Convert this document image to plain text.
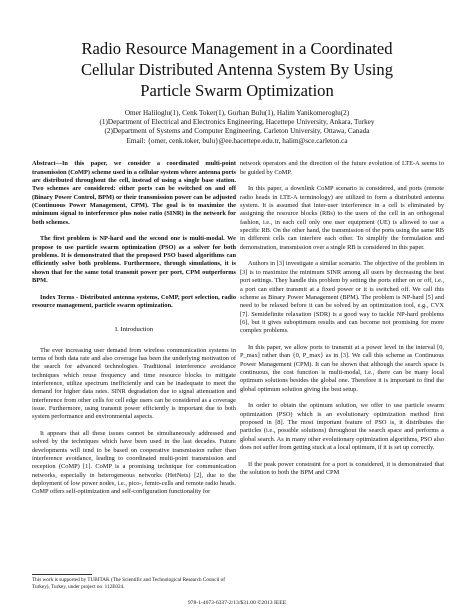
Radio Resource Management in a Coordinated
Cellular Distributed Antenna System By Using
Particle Swarm Optimization
Omer Haliloglu(1), Cenk Toker(1), Gurhan Bulu(1), Halim Yanikomeroglu(2)
(1)Department of Electrical and Electronics Engineering, Hacettepe University, Ankara, Turkey
(2)Department of Systems and Computer Engineering, Carleton University, Ottawa, Canada
Email: {omer, cenk.toker, bulu}@ee.hacettepe.edu.tr, halim@sce.carleton.ca

Abstract—In this paper, we consider a coordinated multi-point transmission (CoMP) scheme used in a cellular system where antenna ports are distributed throughout the cell, instead of using a single base station. Two schemes are considered: either ports can be switched on and off (Binary Power Control, BPM) or their transmission power can be adjusted (Continuous Power Management, CPM). The goal is to maximize the minimum signal to interference plus noise ratio (SINR) in the network for both schemes.

The first problem is NP-hard and the second one is multi-modal. We propose to use particle swarm optimization (PSO) as a solver for both problems. It is demonstrated that the proposed PSO based algorithms can efficiently solve both problems. Furthermore, through simulations, it is shown that for the same total transmit power per port, CPM outperforms BPM.

Index Terms - Distributed antenna systems, CoMP, port selection, radio resource management, particle swarm optimization.

I. Introduction

The ever increasing user demand from wireless communication systems in terms of both data rate and also coverage has been the underlying motivation of the search for advanced technologies. Traditional interference avoidance techniques which reuse frequency and time resource blocks to mitigate interference, utilize spectrum inefficiently and can be inadequate to meet the demand for higher data rates. SINR degradation due to signal attenuation and interference from other cells for cell edge users can be considered as a coverage issue. Furthermore, using transmit power efficiently is important due to both system performance and environmental aspects.

It appears that all these issues cannot be simultaneously addressed and solved by the techniques which have been used in the last decades. Future developments will tend to be based on cooperative transmission rather than interference avoidance, leading to coordinated multi-point transmission and reception (CoMP) [1]. CoMP is a promising technique for communication networks, especially in heterogeneous networks (HetNets) [2], due to the deployment of low power nodes, i.e., pico-, femto-cells and remote radio heads. CoMP offers self-optimization and self-configuration functionality for

network operators and the direction of the future evolution of LTE-A seems to be guided by CoMP.

In this paper, a downlink CoMP scenario is considered, and ports (remote radio heads in LTE-A terminology) are utilized to form a distributed antenna system. It is assumed that inter-user interference in a cell is eliminated by assigning the resource blocks (RBs) to the users of the cell in an orthogonal fashion, i.e., in each cell only one user equipment (UE) is allowed to use a specific RB. On the other hand, the transmission of the ports using the same RB in different cells can interfere each other. To simplify the formulation and demonstration, transmission over a single RB is considered in this paper.

Authors in [3] investigate a similar scenario. The objective of the problem in [3] is to maximize the minimum SINR among all users by decreasing the best port settings. They handle this problem by setting the ports either on or off, i.e., a port can either transmit at a fixed power or it is switched off. We call this scheme as Binary Power Management (BPM). The problem is NP-hard [5] and need to be relaxed before it can be solved by an optimization tool, e.g., CVX [7]. Semidefinite relaxation (SDR) is a good way to tackle NP-hard problems [6], but it gives suboptimum results and can become not promising for more complex problems.

In this paper, we allow ports to transmit at a power level in the interval [0, P_max] rather than {0, P_max} as in [3]. We call this scheme as Continuous Power Management (CPM). It can be shown that although the search space is continuous, the cost function is multi-modal, i.e., there can be many local optimum solutions besides the global one. Therefore it is important to find the global optimum solution giving the best setup.

In order to obtain the optimum solution, we offer to use particle swarm optimization (PSO) which is an evolutionary optimization method first proposed in [8]. The most important feature of PSO is, it distributes the particles (i.e., possible solutions) throughout the search space and performs a global search. As in many other evolutionary optimization algorithms, PSO also does not suffer from getting stuck at a local optimum, if it is set up correctly.

If the peak power constraint for a port is considered, it is demonstrated that the solution to both the BPM and CPM

This work is supported by TUBITAK (The Scientific and Technological Research Council of Turkey), Turkey, under project no. 112E024.
978-1-4673-6337-2/13/$31.00 ©2013 IEEE
